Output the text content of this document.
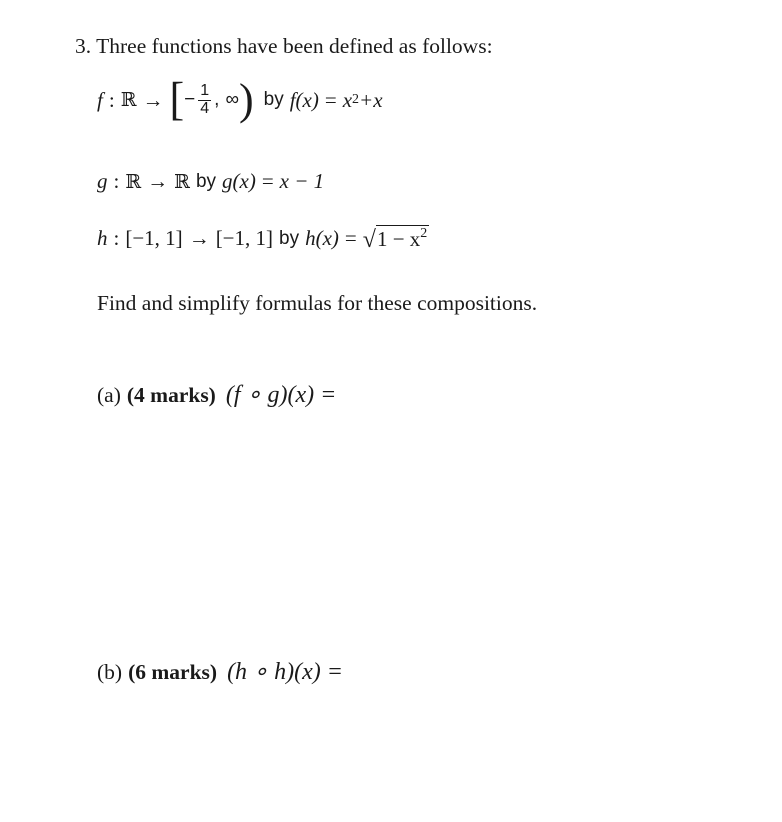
3. Three functions have been defined as follows:
f : ℝ → [ − $\frac{1}{4}$ , ∞ ) by f(x) = x 2 +x
g : ℝ → ℝ by g(x) = x − 1
h : [−1, 1] → [−1, 1] by h(x) = √ $1 - x^2$
Find and simplify formulas for these compositions.
(a) (4 marks) (f ∘ g)(x) =
(b) (6 marks) (h ∘ h)(x) =
